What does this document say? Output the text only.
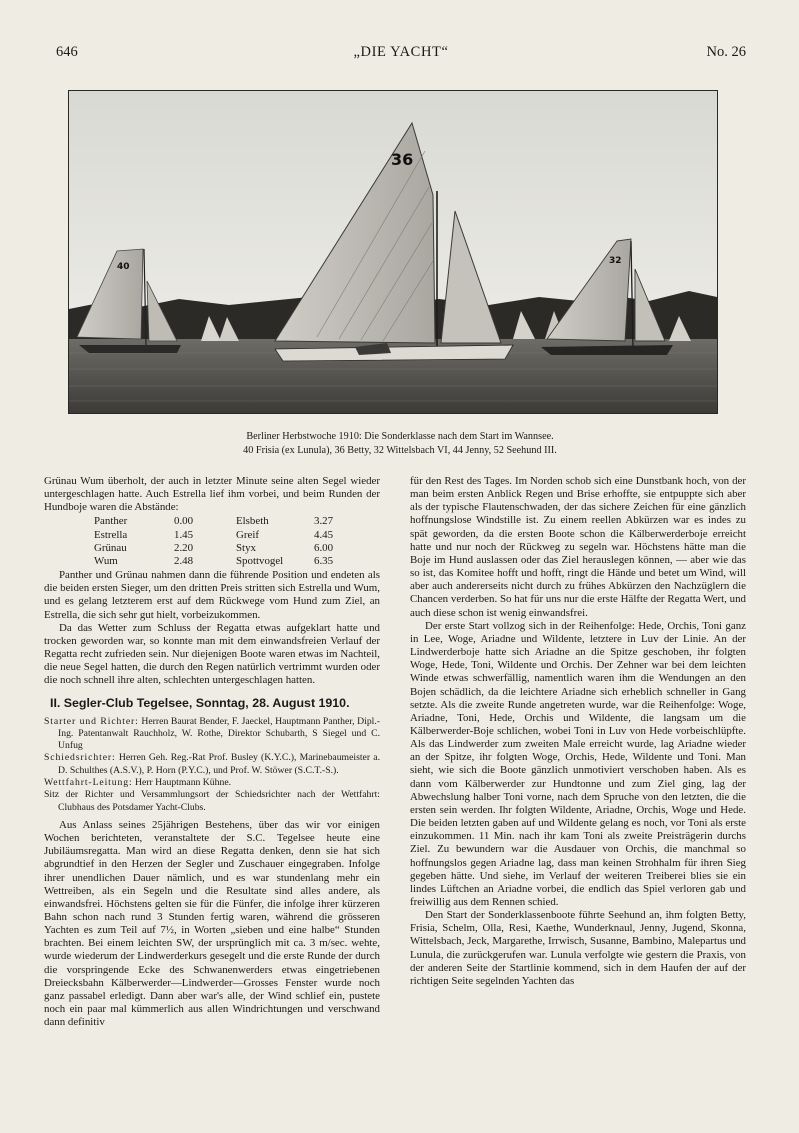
646	„DIE YACHT“	No. 26
36
40
32
Berliner Herbstwoche 1910: Die Sonderklasse nach dem Start im Wannsee.
40 Frisia (ex Lunula), 36 Betty, 32 Wittelsbach VI, 44 Jenny, 52 Seehund III.

Grünau Wum überholt, der auch in letzter Minute seine alten Segel wieder untergeschlagen hatte. Auch Estrella lief ihm vorbei, und beim Runden der Hundboje waren die Abstände:

Panther	0.00	Elsbeth	3.27
Estrella	1.45	Greif	4.45
Grünau	2.20	Styx	6.00
Wum	2.48	Spottvogel	6.35

Panther und Grünau nahmen dann die führende Position und endeten als die beiden ersten Sieger, um den dritten Preis stritten sich Estrella und Wum, und es gelang letzterem erst auf dem Rückwege vom Hund zum Ziel, an Estrella, die sich sehr gut hielt, vorbeizukommen.

Da das Wetter zum Schluss der Regatta etwas aufgeklart hatte und trocken geworden war, so konnte man mit dem einwandsfreien Verlauf der Regatta recht zufrieden sein. Nur diejenigen Boote waren etwas im Nachteil, die neue Segel hatten, die durch den Regen natürlich vertrimmt wurden oder die noch schnell ihre alten, schlechten untergeschlagen hatten.

II. Segler-Club Tegelsee, Sonntag, 28. August 1910.

Starter und Richter: Herren Baurat Bender, F. Jaeckel, Hauptmann Panther, Dipl.-Ing. Patentanwalt Rauchholz, W. Rothe, Direktor Schubarth, S Siegel und C. Unfug

Schiedsrichter: Herren Geh. Reg.-Rat Prof. Busley (K.Y.C.), Marinebaumeister a. D. Schulthes (A.S.V.), P. Horn (P.Y.C.), und Prof. W. Stöwer (S.C.T.-S.).

Wettfahrt-Leitung: Herr Hauptmann Kühne.

Sitz der Richter und Versammlungsort der Schiedsrichter nach der Wettfahrt: Clubhaus des Potsdamer Yacht-Clubs.

Aus Anlass seines 25jährigen Bestehens, über das wir vor einigen Wochen berichteten, veranstaltete der S.C. Tegelsee heute eine Jubiläumsregatta. Man wird an diese Regatta denken, denn sie hat sich abgrundtief in den Herzen der Segler und Zuschauer eingegraben. Infolge ihrer unendlichen Dauer nämlich, und es war stundenlang mehr ein Wettreiben, als ein Segeln und die Resultate sind alles andere, als einwandsfrei. Höchstens gelten sie für die Fünfer, die infolge ihrer kürzeren Bahn schon nach rund 3 Stunden fertig waren, während die grösseren Yachten es zum Teil auf 7½, in Worten „sieben und eine halbe“ Stunden brachten. Bei einem leichten SW, der ursprünglich mit ca. 3 m/sec. wehte, wurde wiederum der Lindwerderkurs gesegelt und die erste Runde der durch die vorspringende Ecke des Schwanenwerders etwas eingetriebenen Dreiecksbahn Kälberwerder—Lindwerder—Grosses Fenster wurde noch ganz passabel erledigt. Dann aber war's alle, der Wind schlief ein, pustete noch ein paar mal kümmerlich aus allen Windrichtungen und verschwand dann definitiv

für den Rest des Tages. Im Norden schob sich eine Dunstbank hoch, von der man beim ersten Anblick Regen und Brise erhoffte, sie entpuppte sich aber als der typische Flautenschwaden, der das sichere Zeichen für eine gänzlich hoffnungslose Windstille ist. Zu einem reellen Abkürzen war es indes zu spät geworden, da die ersten Boote schon die Kälberwerderboje erreicht hatte und nur noch der Rückweg zu segeln war. Höchstens hätte man die Boje im Hund auslassen oder das Ziel herauslegen können, — aber wie das so ist, das Komitee hofft und hofft, ringt die Hände und betet um Wind, will aber auch andererseits nicht durch zu frühes Abkürzen den Nachzüglern die Chancen verderben. So hat für uns nur die erste Hälfte der Regatta Wert, und auch diese schon ist wenig einwandsfrei.

Der erste Start vollzog sich in der Reihenfolge: Hede, Orchis, Toni ganz in Lee, Woge, Ariadne und Wildente, letztere in Luv der Linie. An der Lindwerderboje hatte sich Ariadne an die Spitze geschoben, ihr folgten Woge, Hede, Toni, Wildente und Orchis. Der Zehner war bei dem leichten Winde etwas schwerfällig, namentlich waren ihm die Wendungen an den Bojen schädlich, da die leichtere Ariadne sich erheblich schneller in Gang setzte. Als die zweite Runde angetreten wurde, war die Reihenfolge: Woge, Ariadne, Toni, Hede, Orchis und Wildente, die langsam um die Kälberwerder-Boje schlichen, wobei Toni in Luv von Hede vorbeischlüpfte. Als das Lindwerder zum zweiten Male erreicht wurde, lag Ariadne wieder an der Spitze, ihr folgten Woge, Orchis, Hede, Wildente und Toni. Man sieht, wie sich die Boote gänzlich unmotiviert verschoben haben. Als es dann vom Kälberwerder zur Hundtonne und zum Ziel ging, lag der Abwechslung halber Toni vorne, nach dem Spruche von den letzten, die die ersten sein werden. Ihr folgten Wildente, Ariadne, Orchis, Woge und Hede. Die beiden letzten gaben auf und Wildente gelang es noch, vor Toni als erste einzukommen. 11 Min. nach ihr kam Toni als zweite Preisträgerin durchs Ziel. Zu bewundern war die Ausdauer von Orchis, die manchmal so hoffnungslos gegen Ariadne lag, dass man keinen Strohhalm für ihren Sieg gegeben hätte. Und siehe, im Verlauf der weiteren Treiberei blies sie ein lindes Lüftchen an Ariadne vorbei, die endlich das Spiel verloren gab und freiwillig aus dem Rennen schied.

Den Start der Sonderklassenboote führte Seehund an, ihm folgten Betty, Frisia, Schelm, Olla, Resi, Kaethe, Wunderknaul, Jenny, Jugend, Skonna, Wittelsbach, Jeck, Margarethe, Irrwisch, Susanne, Bambino, Malepartus und Lunula, die zurückgerufen war. Lunula verfolgte wie gestern die Praxis, von der anderen Seite der Startlinie kommend, sich in dem Haufen der auf der richtigen Seite segelnden Yachten das
